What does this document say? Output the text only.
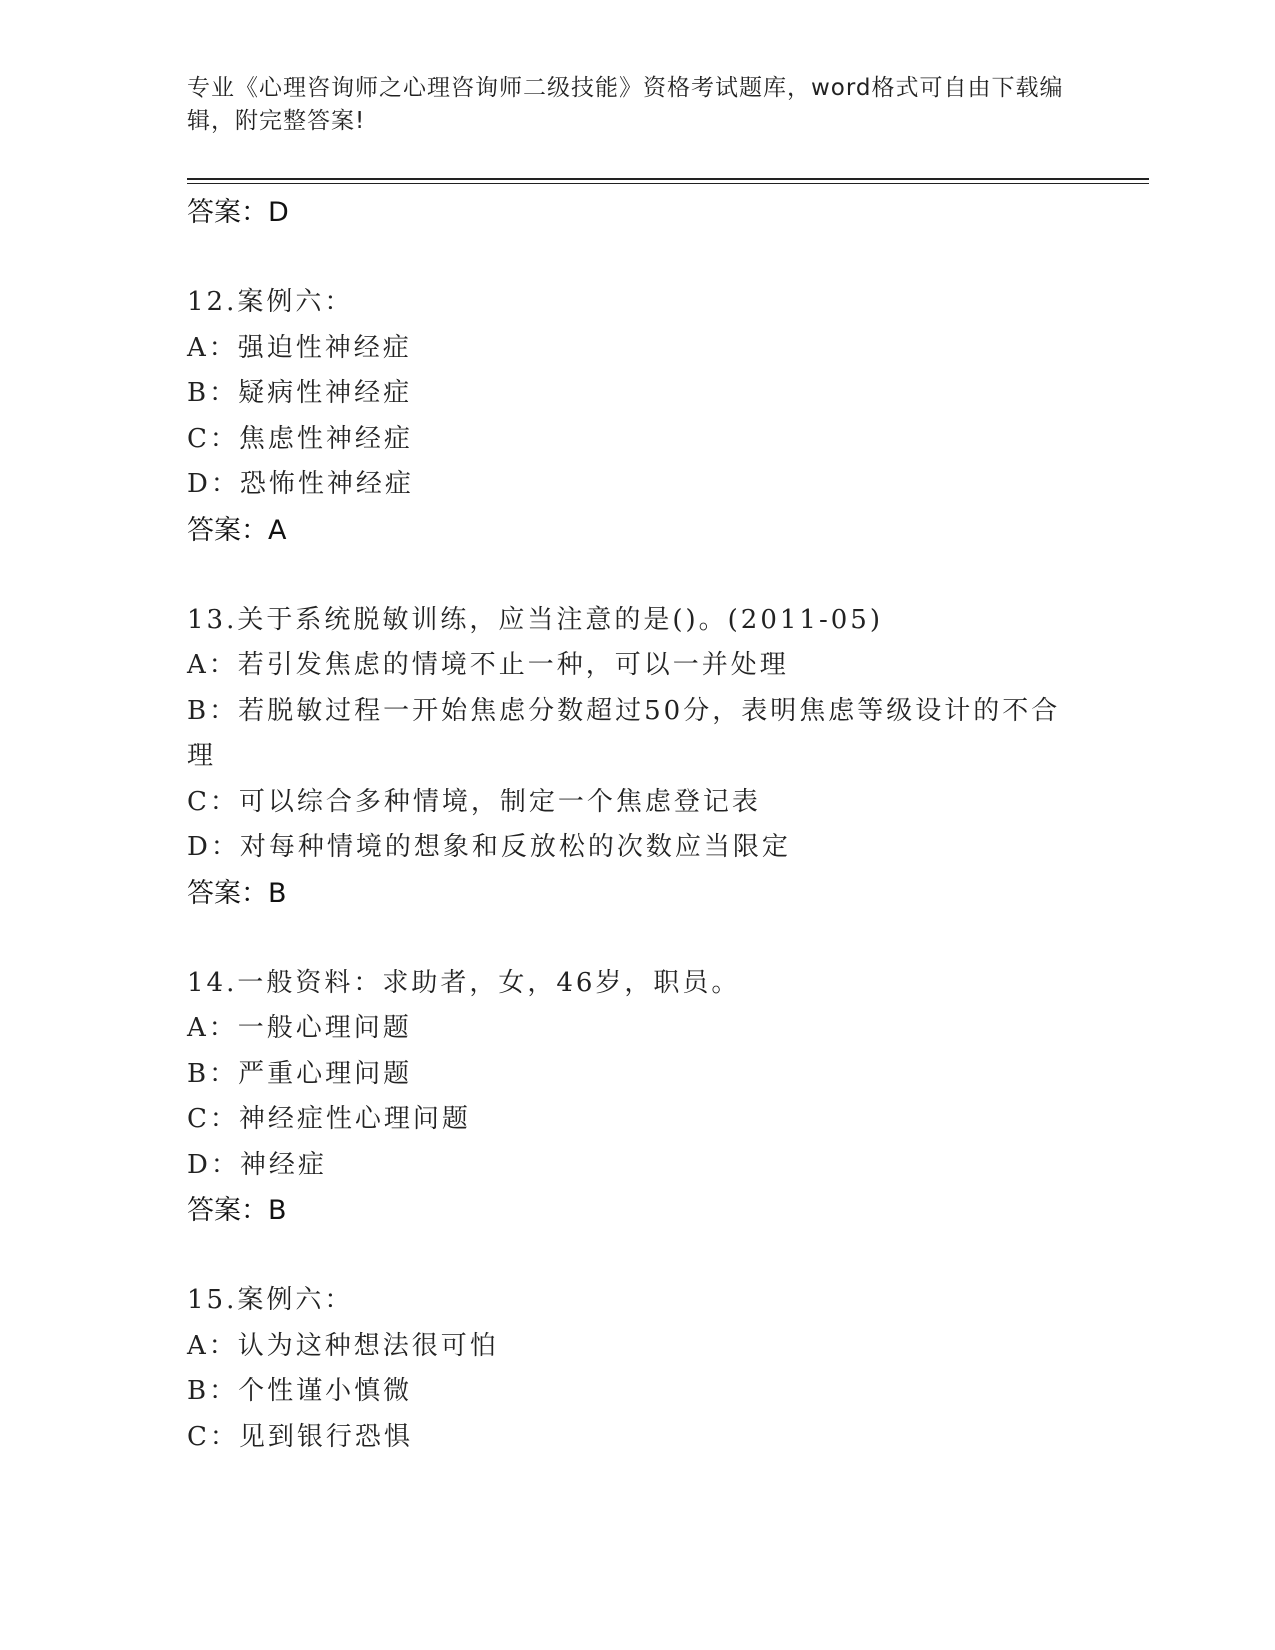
专业《心理咨询师之心理咨询师二级技能》资格考试题库，word格式可自由下载编辑，附完整答案!
答案：D
12.案例六：
A：强迫性神经症
B：疑病性神经症
C：焦虑性神经症
D：恐怖性神经症
答案：A
13.关于系统脱敏训练，应当注意的是()。(2011-05)
A：若引发焦虑的情境不止一种，可以一并处理
B：若脱敏过程一开始焦虑分数超过50分，表明焦虑等级设计的不合理
C：可以综合多种情境，制定一个焦虑登记表
D：对每种情境的想象和反放松的次数应当限定
答案：B
14.一般资料：求助者，女，46岁，职员。
A：一般心理问题
B：严重心理问题
C：神经症性心理问题
D：神经症
答案：B
15.案例六：
A：认为这种想法很可怕
B：个性谨小慎微
C：见到银行恐惧
